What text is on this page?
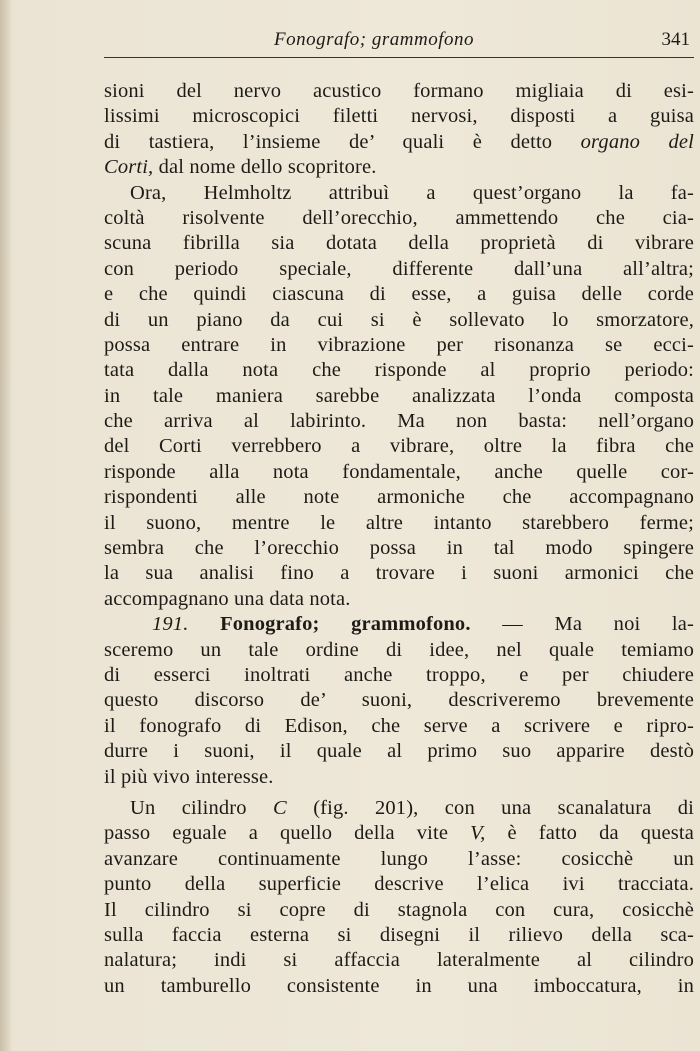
Fonografo; grammofono	341
sioni del nervo acustico formano migliaia di esi-
lissimi microscopici filetti nervosi, disposti a guisa
di tastiera, l’insieme de’ quali è detto organo del
Corti, dal nome dello scopritore.
Ora, Helmholtz attribuì a quest’organo la fa-
coltà risolvente dell’orecchio, ammettendo che cia-
scuna fibrilla sia dotata della proprietà di vibrare
con periodo speciale, differente dall’una all’altra;
e che quindi ciascuna di esse, a guisa delle corde
di un piano da cui si è sollevato lo smorzatore,
possa entrare in vibrazione per risonanza se ecci-
tata dalla nota che risponde al proprio periodo:
in tale maniera sarebbe analizzata l’onda composta
che arriva al labirinto. Ma non basta: nell’organo
del Corti verrebbero a vibrare, oltre la fibra che
risponde alla nota fondamentale, anche quelle cor-
rispondenti alle note armoniche che accompagnano
il suono, mentre le altre intanto starebbero ferme;
sembra che l’orecchio possa in tal modo spingere
la sua analisi fino a trovare i suoni armonici che
accompagnano una data nota.
191. Fonografo; grammofono. — Ma noi la-
sceremo un tale ordine di idee, nel quale temiamo
di esserci inoltrati anche troppo, e per chiudere
questo discorso de’ suoni, descriveremo brevemente
il fonografo di Edison, che serve a scrivere e ripro-
durre i suoni, il quale al primo suo apparire destò
il più vivo interesse.
Un cilindro C (fig. 201), con una scanalatura di
passo eguale a quello della vite V, è fatto da questa
avanzare continuamente lungo l’asse: cosicchè un
punto della superficie descrive l’elica ivi tracciata.
Il cilindro si copre di stagnola con cura, cosicchè
sulla faccia esterna si disegni il rilievo della sca-
nalatura; indi si affaccia lateralmente al cilindro
un tamburello consistente in una imboccatura, in
